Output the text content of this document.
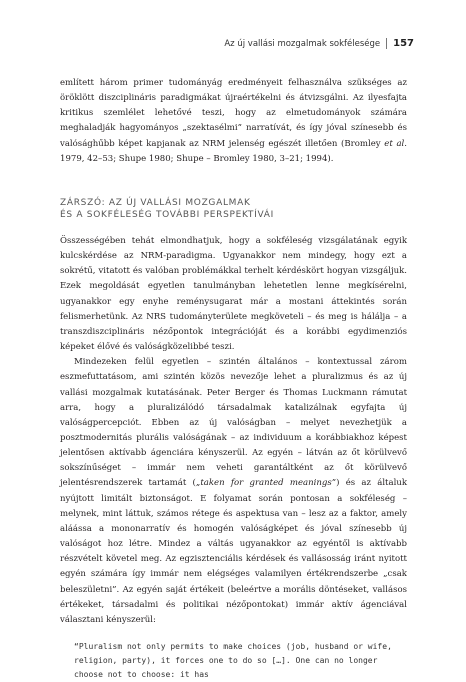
Az új vallási mozgalmak sokfélesége	157

említett három primer tudományág eredményeit felhasználva szükséges az öröklött diszciplináris paradigmákat újraértékelni és átvizsgálni. Az ilyesfajta kritikus szemlélet lehetővé teszi, hogy az elmetudományok számára meghaladják hagyományos „szektasélmi” narratívát, és így jóval színesebb és valósághűbb képet kapjanak az NRM jelenség egészét illetően (Bromley et al. 1979, 42–53; Shupe 1980; Shupe – Bromley 1980, 3–21; 1994).

ZÁRSZÓ: AZ ÚJ VALLÁSI MOZGALMAK
ÉS A SOKFÉLESÉG TOVÁBBI PERSPEKTÍVÁI

Összességében tehát elmondhatjuk, hogy a sokféleség vizsgálatának egyik kulcskérdése az NRM-paradigma. Ugyanakkor nem mindegy, hogy ezt a sokrétű, vitatott és valóban problémákkal terhelt kérdéskört hogyan vizsgáljuk. Ezek megoldását egyetlen tanulmányban lehetetlen lenne megkísérelni, ugyanakkor egy enyhe reménysugarat már a mostani áttekintés során felismerhetünk. Az NRS tudományterülete megköveteli – és meg is hálálja – a transzdiszciplináris nézőpontok integrációját és a korábbi egydimenziós képeket élővé és valóságközelibbé teszi.

Mindezeken felül egyetlen – szintén általános – kontextussal zárom eszmefuttatásom, ami szintén közös nevezője lehet a pluralizmus és az új vallási mozgalmak kutatásának. Peter Berger és Thomas Luckmann rámutat arra, hogy a pluralizálódó társadalmak katalizálnak egyfajta új valóságpercepciót. Ebben az új valóságban – melyet nevezhetjük a posztmodernitás plurális valóságának – az individuum a korábbiakhoz képest jelentősen aktívabb ágenciára kényszerül. Az egyén – látván az őt körülvevő sokszínűséget – immár nem veheti garantáltként az őt körülvevő jelentésrendszerek tartamát („taken for granted meanings”) és az általuk nyújtott limitált biztonságot. E folyamat során pontosan a sokféleség – melynek, mint láttuk, számos rétege és aspektusa van – lesz az a faktor, amely aláássa a mononarratív és homogén valóságképet és jóval színesebb új valóságot hoz létre. Mindez a váltás ugyanakkor az egyéntől is aktívabb részvételt követel meg. Az egzisztenciális kérdések és vallásosság iránt nyitott egyén számára így immár nem elégséges valamilyen értékrendszerbe „csak beleszületni”. Az egyén saját értékeit (beleértve a morális döntéseket, vallásos értékeket, társadalmi és politikai nézőpontokat) immár aktív ágenciával választani kényszerül:

“Pluralism not only permits to make choices (job, husband or wife, religion, party), it forces one to do so […]. One can no longer choose not to choose: it has
